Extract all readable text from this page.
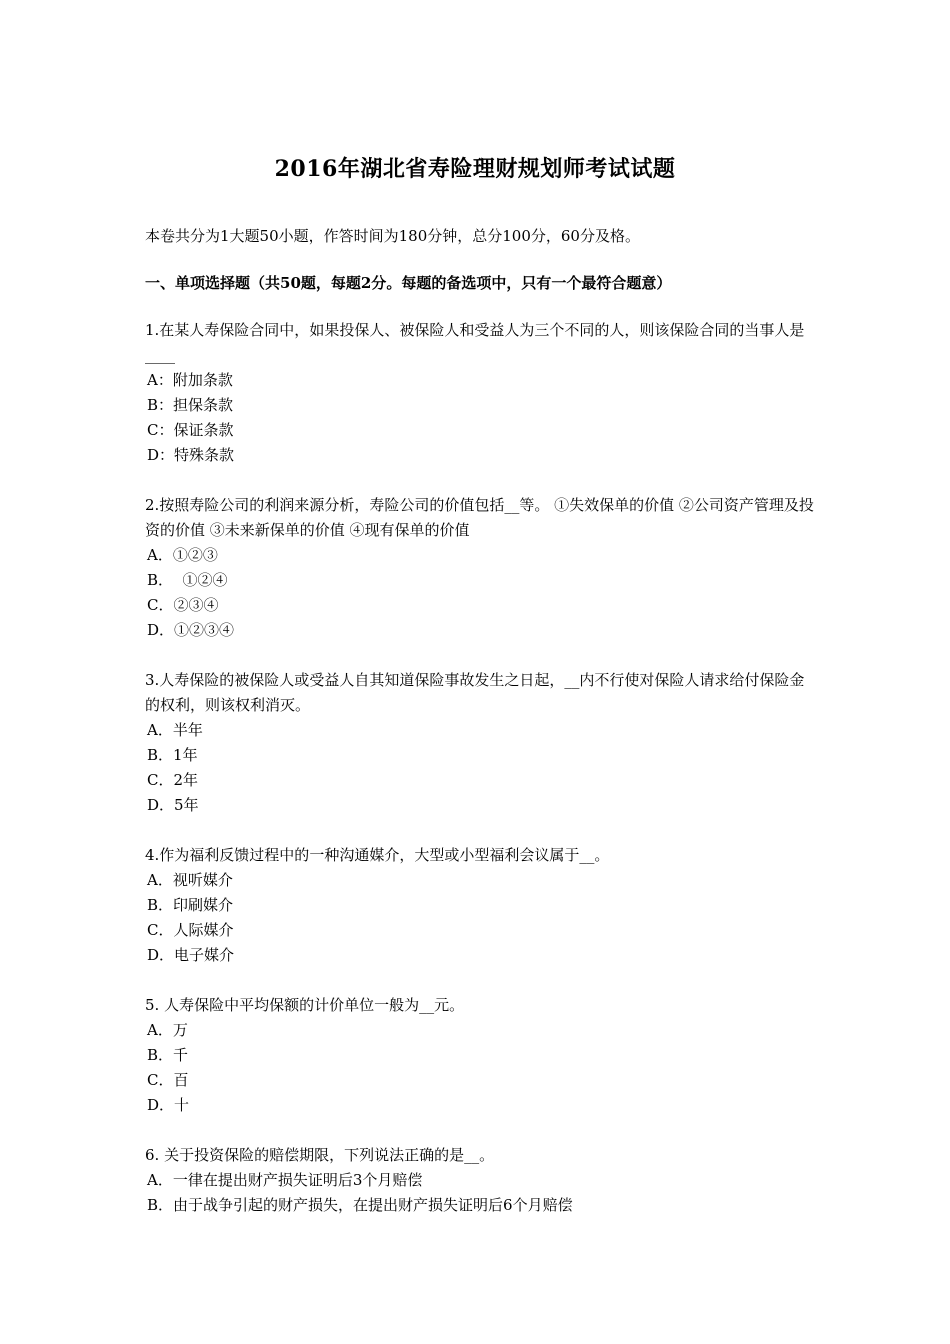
2016年湖北省寿险理财规划师考试试题

本卷共分为1大题50小题，作答时间为180分钟，总分100分，60分及格。

一、单项选择题（共50题，每题2分。每题的备选项中，只有一个最符合题意）

1.在某人寿保险合同中，如果投保人、被保险人和受益人为三个不同的人，则该保险合同的当事人是____

A：附加条款

B：担保条款

C：保证条款

D：特殊条款

2.按照寿险公司的利润来源分析，寿险公司的价值包括__等。 ①失效保单的价值 ②公司资产管理及投资的价值 ③未来新保单的价值 ④现有保单的价值

A．①②③

B．  ①②④

C．②③④

D．①②③④

3.人寿保险的被保险人或受益人自其知道保险事故发生之日起，__内不行使对保险人请求给付保险金的权利，则该权利消灭。

A．半年

B．1年

C．2年

D．5年

4.作为福利反馈过程中的一种沟通媒介，大型或小型福利会议属于__。

A．视听媒介

B．印刷媒介

C．人际媒介

D．电子媒介

5. 人寿保险中平均保额的计价单位一般为__元。

A．万

B．千

C．百

D．十

6. 关于投资保险的赔偿期限，下列说法正确的是__。

A．一律在提出财产损失证明后3个月赔偿

B．由于战争引起的财产损失，在提出财产损失证明后6个月赔偿
